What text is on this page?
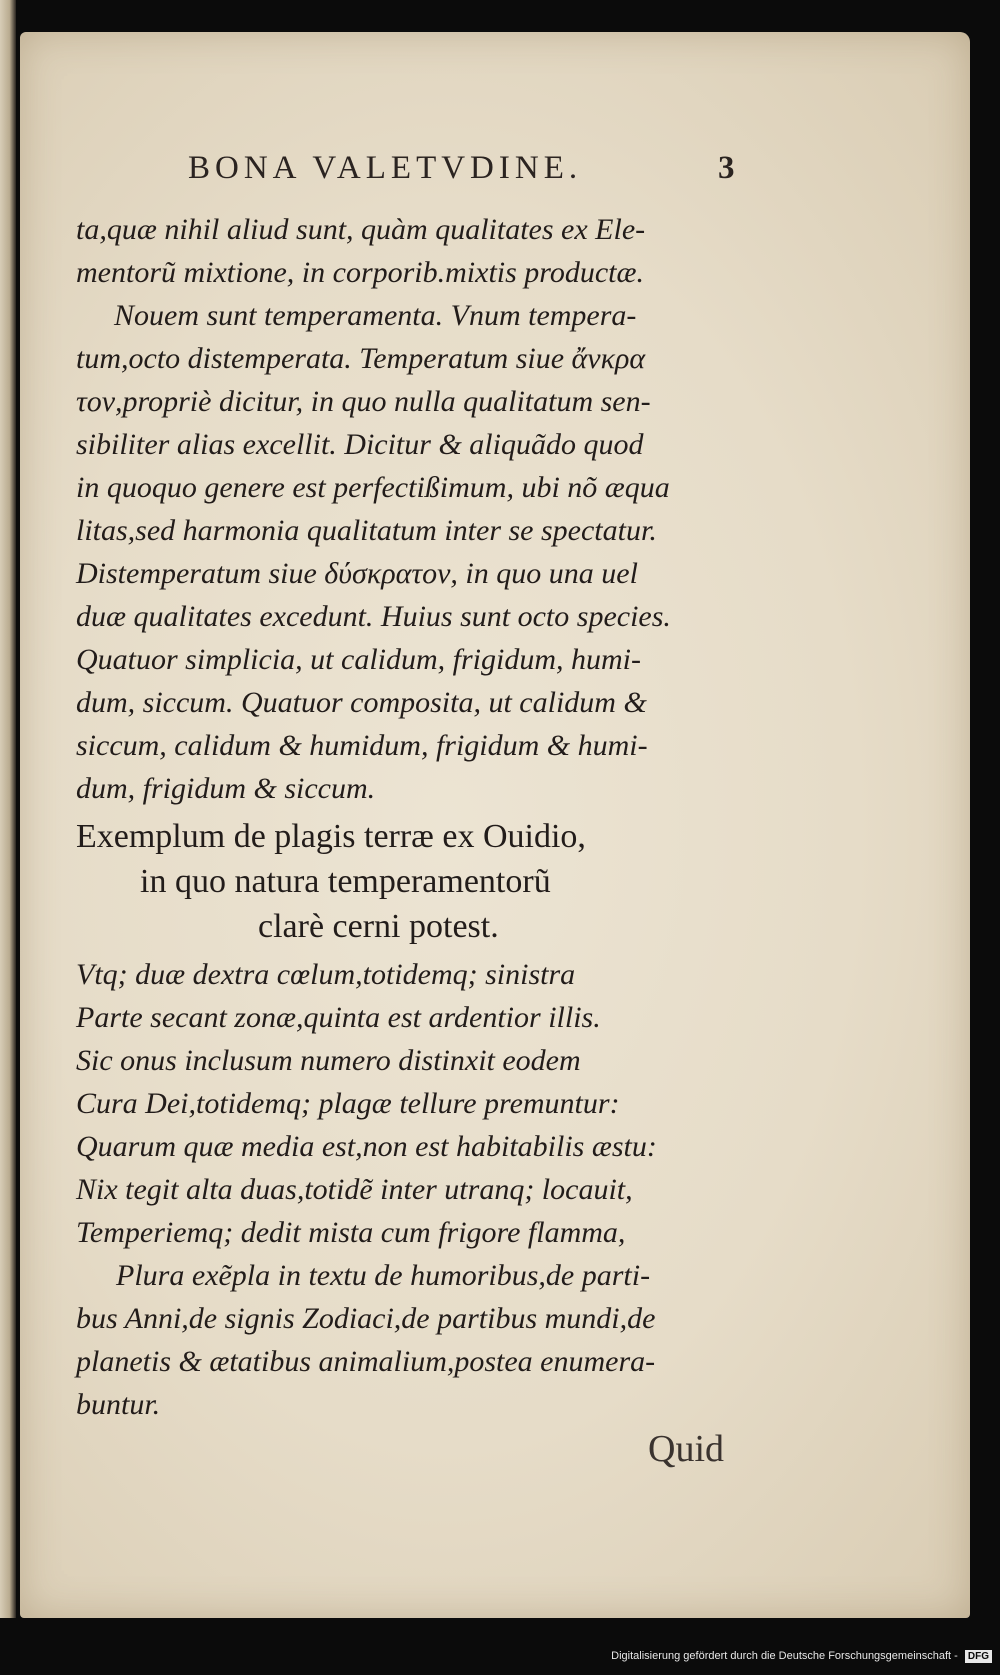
BONA VALETVDINE.	3
ta,quæ nihil aliud sunt, quàm qualitates ex Ele-
mentorũ mixtione, in corporib.mixtis productæ.
Nouem sunt temperamenta. Vnum tempera-
tum,octo distemperata. Temperatum siue ἄνκρα
τον,propriè dicitur, in quo nulla qualitatum sen-
sibiliter alias excellit. Dicitur & aliquãdo quod
in quoquo genere est perfectißimum, ubi nõ æqua
litas,sed harmonia qualitatum inter se spectatur.
Distemperatum siue δύσκρατον, in quo una uel
duæ qualitates excedunt. Huius sunt octo species.
Quatuor simplicia, ut calidum, frigidum, humi-
dum, siccum. Quatuor composita, ut calidum &
siccum, calidum & humidum, frigidum & humi-
dum, frigidum & siccum.
Exemplum de plagis terræ ex Ouidio,
in quo natura temperamentorũ
clarè cerni potest.
Vtq; duæ dextra cœlum,totidemq; sinistra
Parte secant zonæ,quinta est ardentior illis.
Sic onus inclusum numero distinxit eodem
Cura Dei,totidemq; plagæ tellure premuntur:
Quarum quæ media est,non est habitabilis æstu:
Nix tegit alta duas,totidẽ inter utranq; locauit,
Temperiemq; dedit mista cum frigore flamma,
Plura exẽpla in textu de humoribus,de parti-
bus Anni,de signis Zodiaci,de partibus mundi,de
planetis & ætatibus animalium,postea enumera-
buntur.
Quid
Digitalisierung gefördert durch die Deutsche Forschungsgemeinschaft - DFG
